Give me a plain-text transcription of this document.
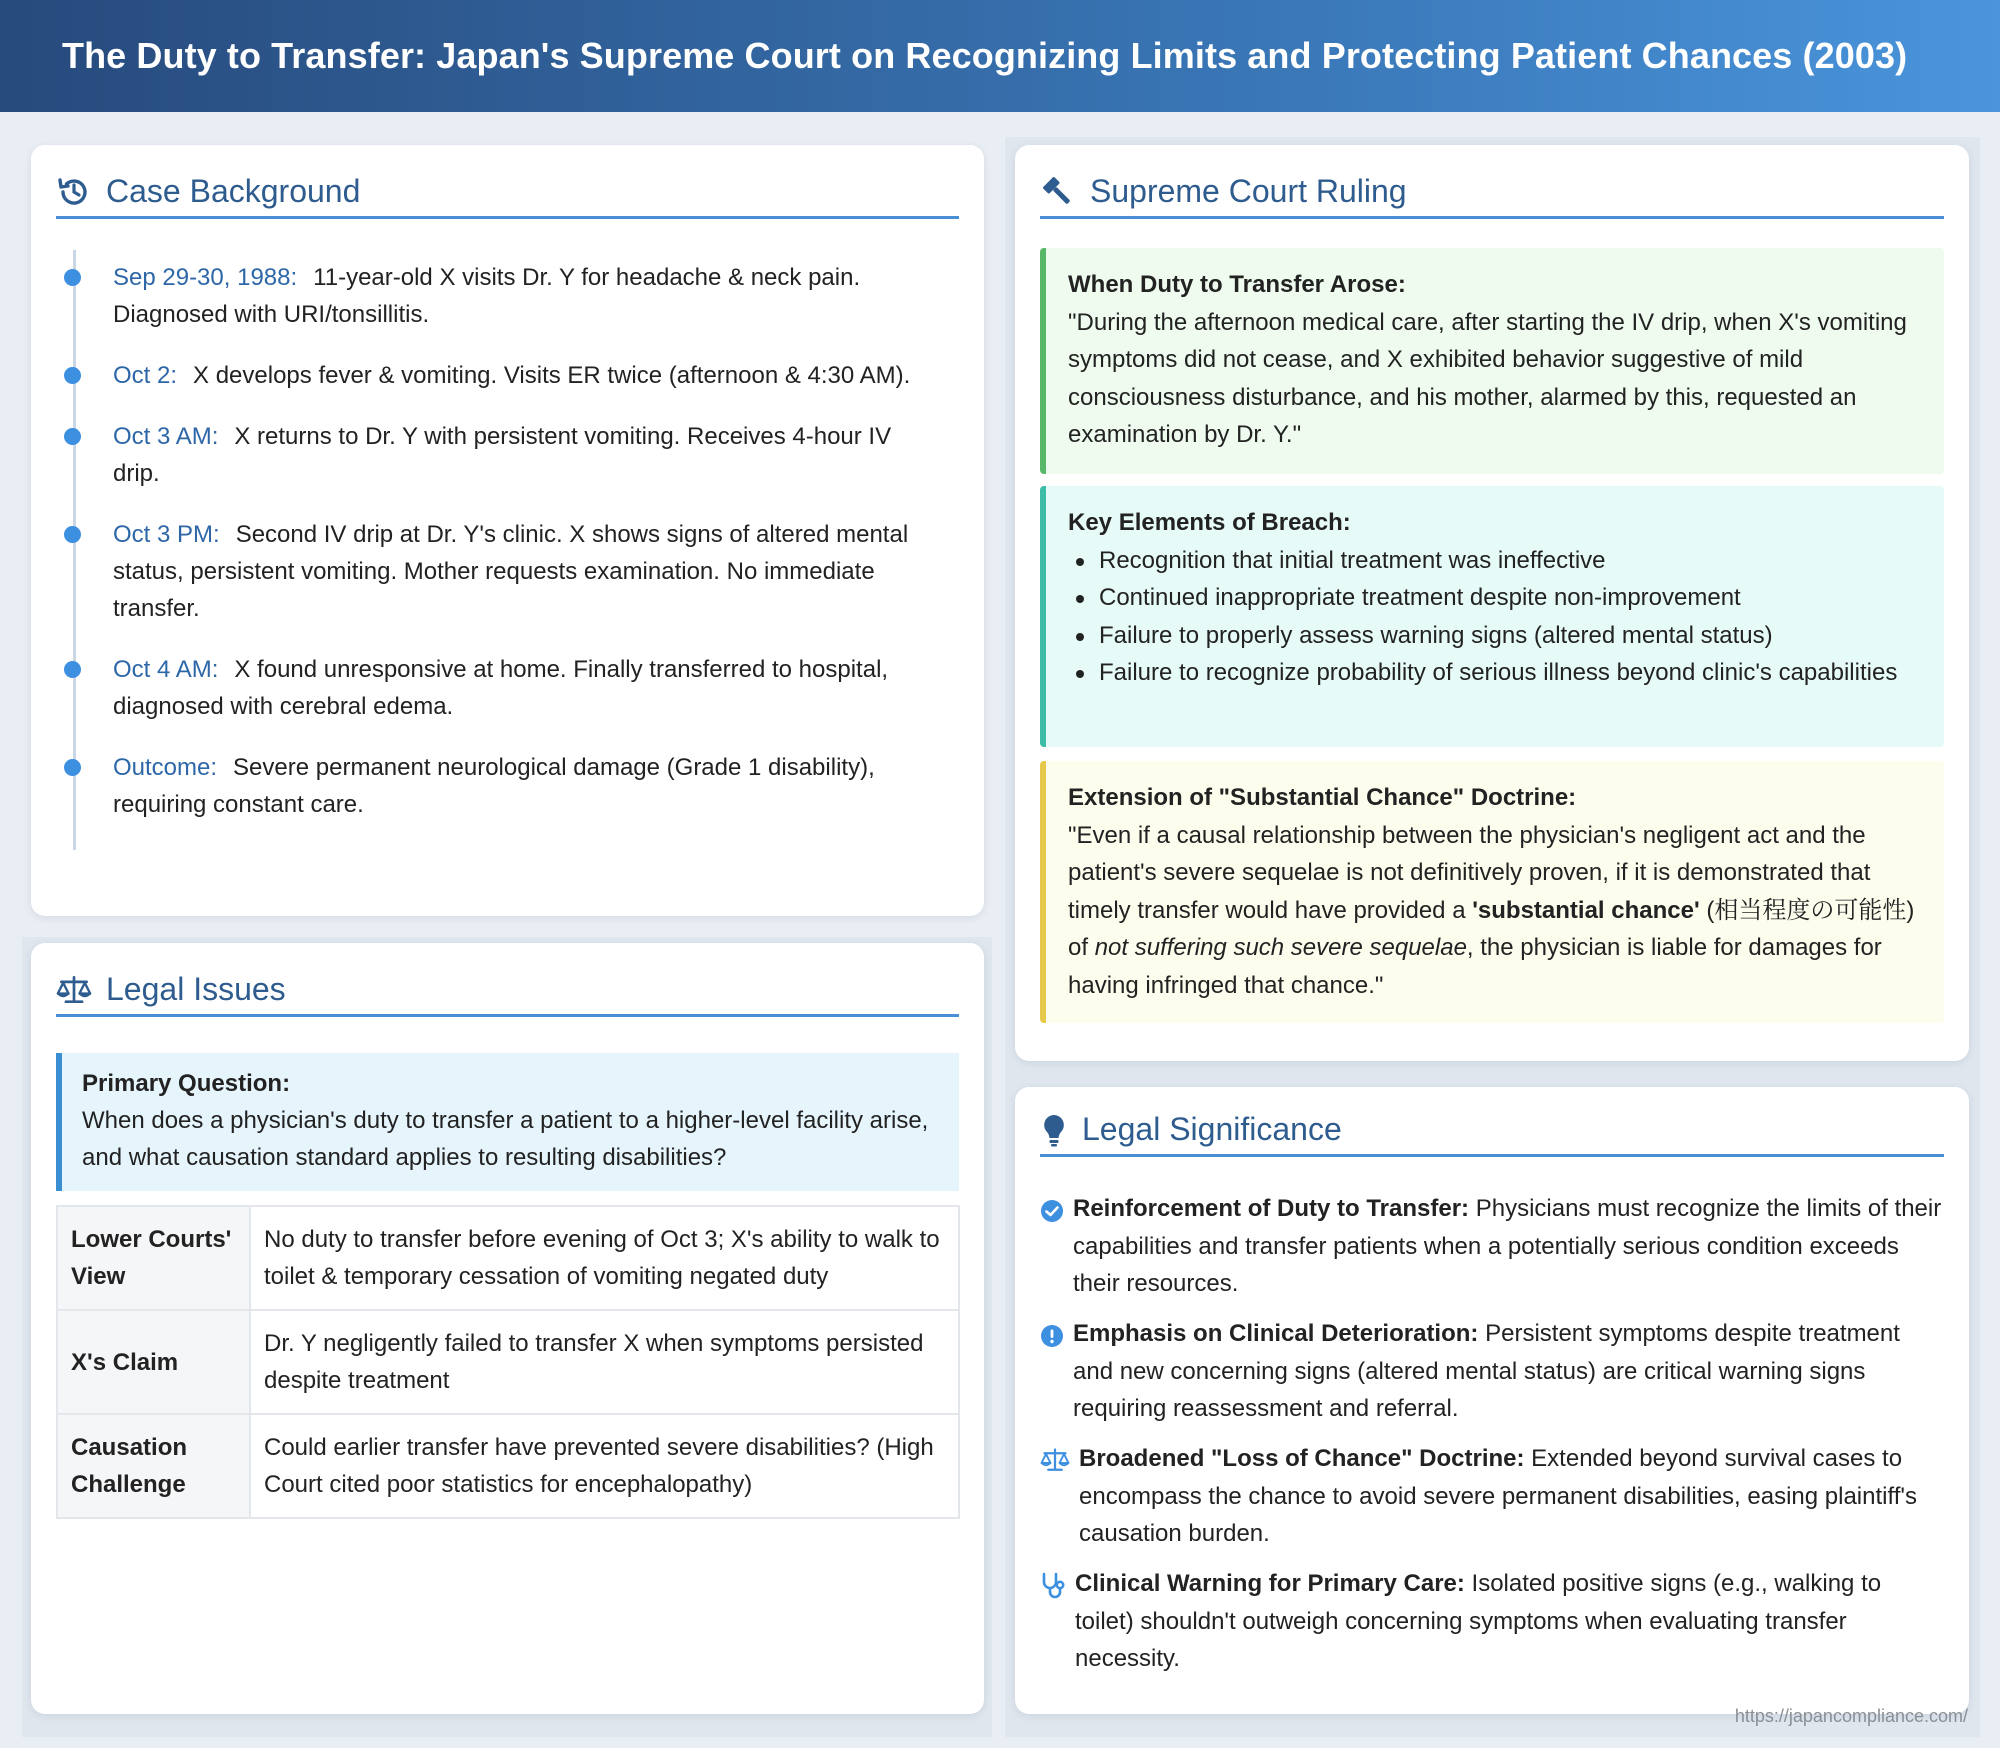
The Duty to Transfer: Japan's Supreme Court on Recognizing Limits and Protecting Patient Chances (2003)
Case Background
Sep 29-30, 1988: 11-year-old X visits Dr. Y for headache & neck pain. Diagnosed with URI/tonsillitis.
Oct 2: X develops fever & vomiting. Visits ER twice (afternoon & 4:30 AM).
Oct 3 AM: X returns to Dr. Y with persistent vomiting. Receives 4-hour IV drip.
Oct 3 PM: Second IV drip at Dr. Y's clinic. X shows signs of altered mental status, persistent vomiting. Mother requests examination. No immediate transfer.
Oct 4 AM: X found unresponsive at home. Finally transferred to hospital, diagnosed with cerebral edema.
Outcome: Severe permanent neurological damage (Grade 1 disability), requiring constant care.
Legal Issues
Primary Question:
When does a physician's duty to transfer a patient to a higher-level facility arise, and what causation standard applies to resulting disabilities?
Lower Courts' View	No duty to transfer before evening of Oct 3; X's ability to walk to toilet & temporary cessation of vomiting negated duty
X's Claim	Dr. Y negligently failed to transfer X when symptoms persisted despite treatment
Causation Challenge	Could earlier transfer have prevented severe disabilities? (High Court cited poor statistics for encephalopathy)
Supreme Court Ruling
When Duty to Transfer Arose:
"During the afternoon medical care, after starting the IV drip, when X's vomiting symptoms did not cease, and X exhibited behavior suggestive of mild consciousness disturbance, and his mother, alarmed by this, requested an examination by Dr. Y."
Key Elements of Breach:
Recognition that initial treatment was ineffective
Continued inappropriate treatment despite non-improvement
Failure to properly assess warning signs (altered mental status)
Failure to recognize probability of serious illness beyond clinic's capabilities
Extension of "Substantial Chance" Doctrine:
"Even if a causal relationship between the physician's negligent act and the patient's severe sequelae is not definitively proven, if it is demonstrated that timely transfer would have provided a 'substantial chance' (相当程度の可能性) of not suffering such severe sequelae, the physician is liable for damages for having infringed that chance."
Legal Significance
Reinforcement of Duty to Transfer: Physicians must recognize the limits of their capabilities and transfer patients when a potentially serious condition exceeds their resources.
Emphasis on Clinical Deterioration: Persistent symptoms despite treatment and new concerning signs (altered mental status) are critical warning signs requiring reassessment and referral.
Broadened "Loss of Chance" Doctrine: Extended beyond survival cases to encompass the chance to avoid severe permanent disabilities, easing plaintiff's causation burden.
Clinical Warning for Primary Care: Isolated positive signs (e.g., walking to toilet) shouldn't outweigh concerning symptoms when evaluating transfer necessity.
https://japancompliance.com/
